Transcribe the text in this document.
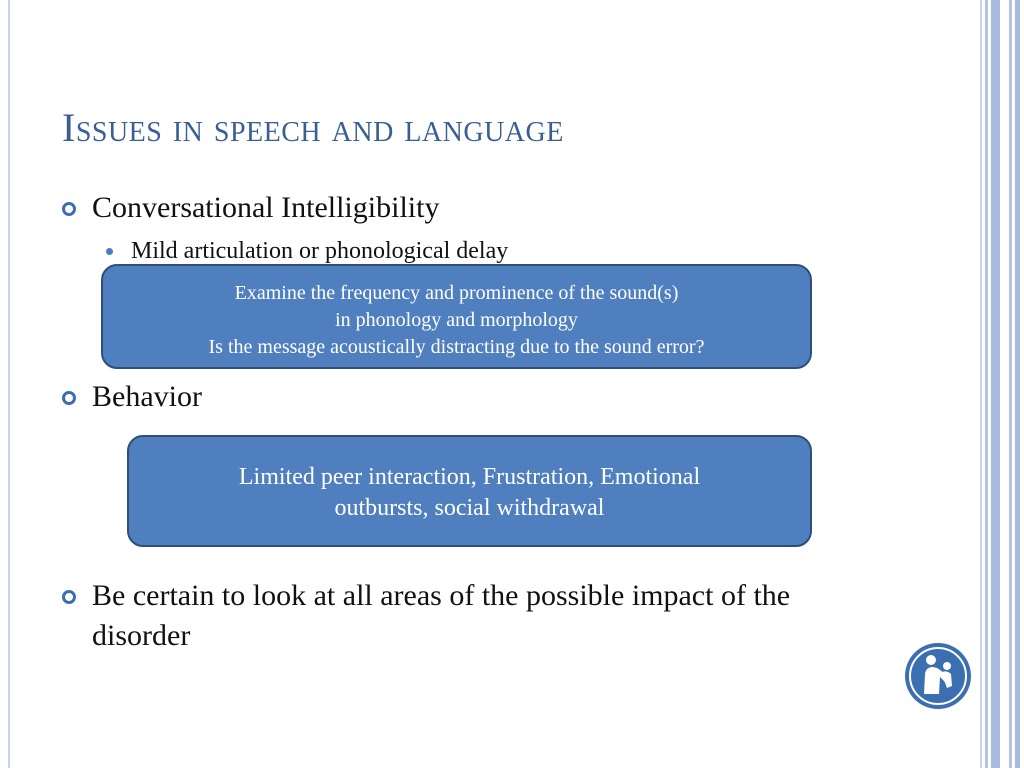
Issues in speech and language
Conversational Intelligibility
Mild articulation or phonological delay
Examine the frequency and prominence of the sound(s)
in phonology and morphology
Is the message acoustically distracting due to the sound error?
Behavior
Limited peer interaction, Frustration, Emotional
outbursts, social withdrawal
Be certain to look at all areas of the possible impact of the disorder
